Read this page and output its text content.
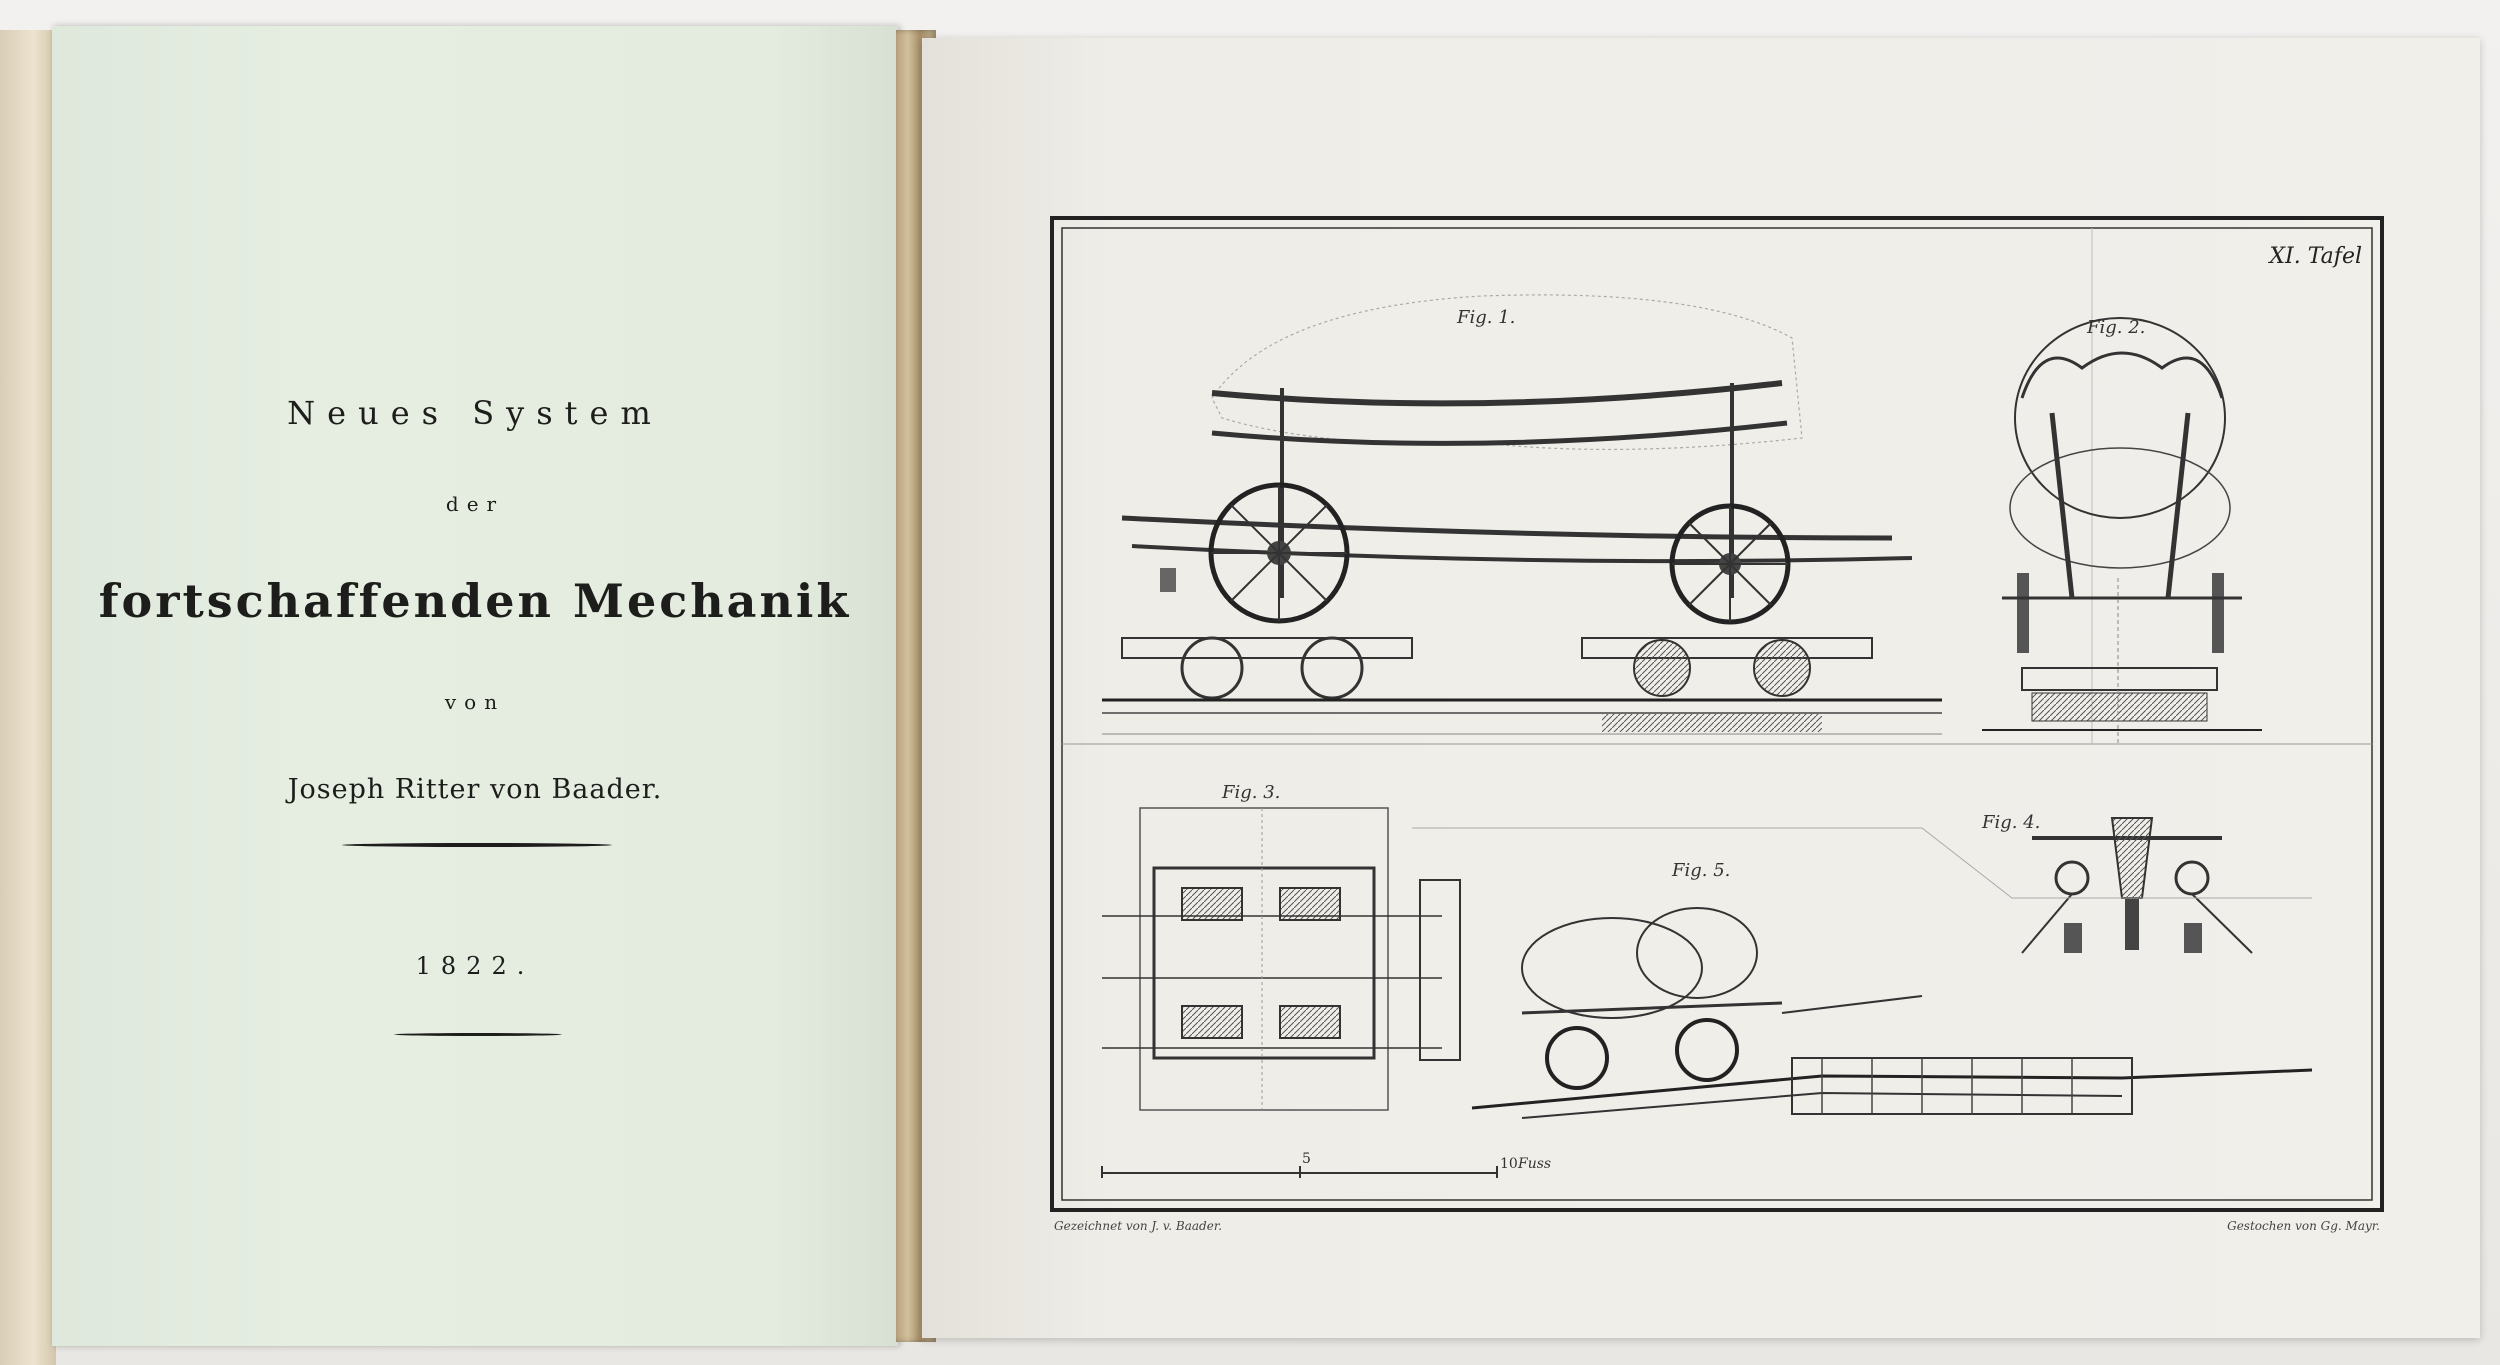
Neues System

der

fortschaffenden Mechanik

von

Joseph Ritter von Baader.

1822.

XI. Tafel
Fig. 1.	Fig. 2.
Fig. 3.
Fig. 4.
Fig. 5.
5	10 Fuss
Gezeichnet von J. v. Baader.	Gestochen von Gg. Mayr.
